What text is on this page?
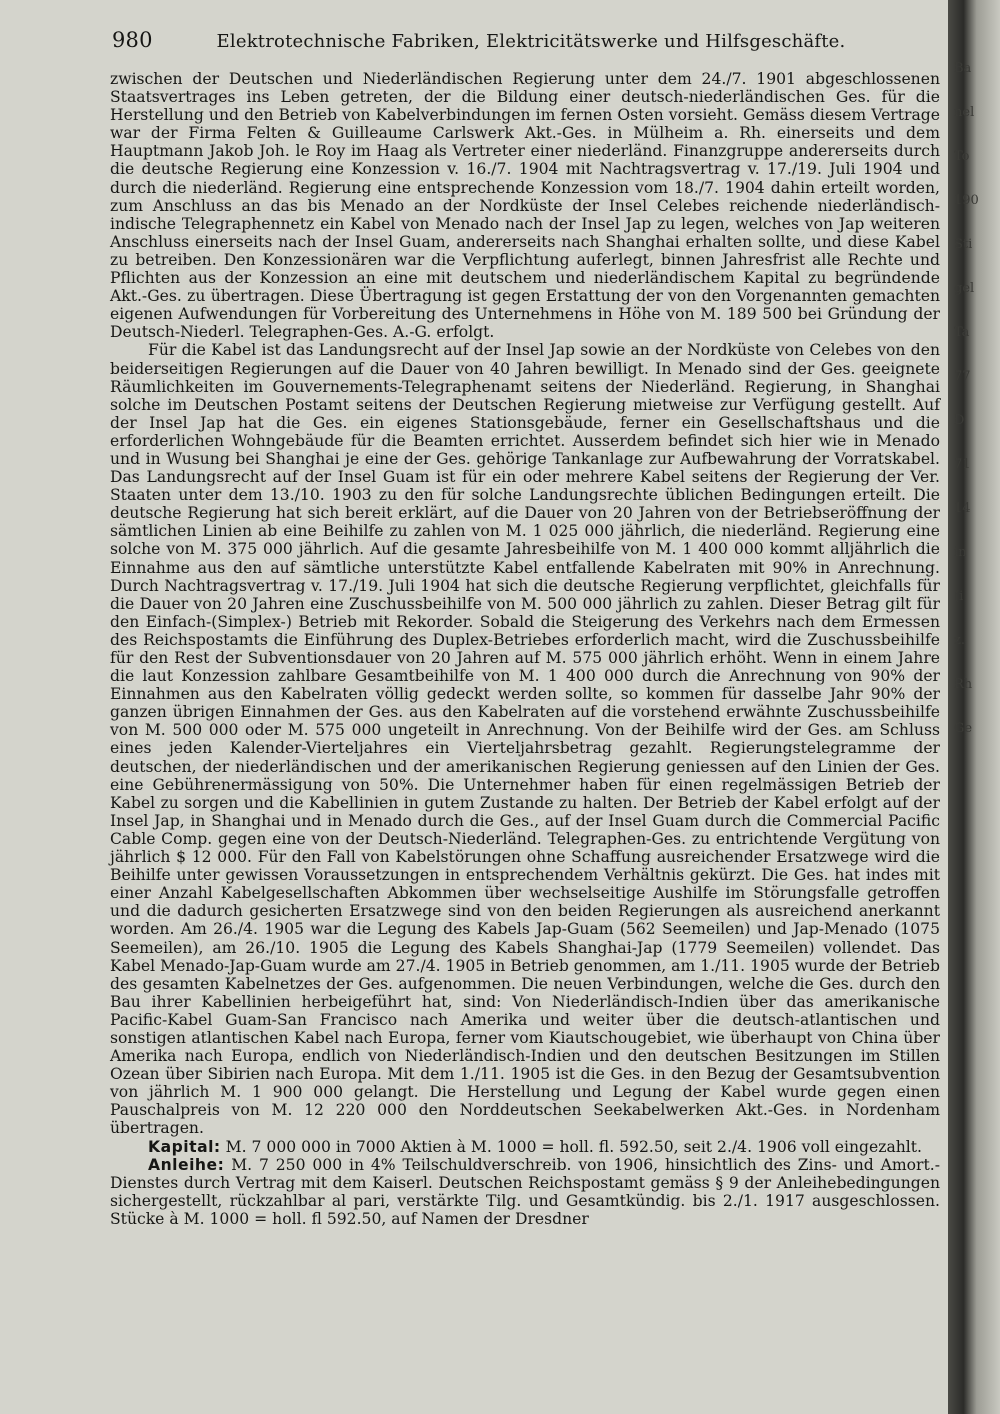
Ba
nel
To
190
Sti
gel
Ta
77
D
71
14
in
(i
z.
Rh
Ge
980	Elektrotechnische Fabriken, Elektricitätswerke und Hilfsgeschäfte.

zwischen der Deutschen und Niederländischen Regierung unter dem 24./7. 1901 abgeschlossenen Staatsvertrages ins Leben getreten, der die Bildung einer deutsch-niederländischen Ges. für die Herstellung und den Betrieb von Kabelverbindungen im fernen Osten vorsieht. Gemäss diesem Vertrage war der Firma Felten & Guilleaume Carlswerk Akt.-Ges. in Mülheim a. Rh. einerseits und dem Hauptmann Jakob Joh. le Roy im Haag als Vertreter einer niederländ. Finanzgruppe andererseits durch die deutsche Regierung eine Konzession v. 16./7. 1904 mit Nachtragsvertrag v. 17./19. Juli 1904 und durch die niederländ. Regierung eine entsprechende Konzession vom 18./7. 1904 dahin erteilt worden, zum Anschluss an das bis Menado an der Nordküste der Insel Celebes reichende niederländisch-indische Telegraphennetz ein Kabel von Menado nach der Insel Jap zu legen, welches von Jap weiteren Anschluss einerseits nach der Insel Guam, andererseits nach Shanghai erhalten sollte, und diese Kabel zu betreiben. Den Konzessionären war die Verpflichtung auferlegt, binnen Jahresfrist alle Rechte und Pflichten aus der Konzession an eine mit deutschem und niederländischem Kapital zu begründende Akt.-Ges. zu übertragen. Diese Übertragung ist gegen Erstattung der von den Vorgenannten gemachten eigenen Aufwendungen für Vorbereitung des Unternehmens in Höhe von M. 189 500 bei Gründung der Deutsch-Niederl. Telegraphen-Ges. A.-G. erfolgt.

Für die Kabel ist das Landungsrecht auf der Insel Jap sowie an der Nordküste von Celebes von den beiderseitigen Regierungen auf die Dauer von 40 Jahren bewilligt. In Menado sind der Ges. geeignete Räumlichkeiten im Gouvernements-Telegraphenamt seitens der Niederländ. Regierung, in Shanghai solche im Deutschen Postamt seitens der Deutschen Regierung mietweise zur Verfügung gestellt. Auf der Insel Jap hat die Ges. ein eigenes Stationsgebäude, ferner ein Gesellschaftshaus und die erforderlichen Wohngebäude für die Beamten errichtet. Ausserdem befindet sich hier wie in Menado und in Wusung bei Shanghai je eine der Ges. gehörige Tankanlage zur Aufbewahrung der Vorratskabel. Das Landungsrecht auf der Insel Guam ist für ein oder mehrere Kabel seitens der Regierung der Ver. Staaten unter dem 13./10. 1903 zu den für solche Landungsrechte üblichen Bedingungen erteilt. Die deutsche Regierung hat sich bereit erklärt, auf die Dauer von 20 Jahren von der Betriebseröffnung der sämtlichen Linien ab eine Beihilfe zu zahlen von M. 1 025 000 jährlich, die niederländ. Regierung eine solche von M. 375 000 jährlich. Auf die gesamte Jahresbeihilfe von M. 1 400 000 kommt alljährlich die Einnahme aus den auf sämtliche unterstützte Kabel entfallende Kabelraten mit 90% in Anrechnung. Durch Nachtragsvertrag v. 17./19. Juli 1904 hat sich die deutsche Regierung verpflichtet, gleichfalls für die Dauer von 20 Jahren eine Zuschussbeihilfe von M. 500 000 jährlich zu zahlen. Dieser Betrag gilt für den Einfach-(Simplex-) Betrieb mit Rekorder. Sobald die Steigerung des Verkehrs nach dem Ermessen des Reichspostamts die Einführung des Duplex-Betriebes erforderlich macht, wird die Zuschussbeihilfe für den Rest der Subventionsdauer von 20 Jahren auf M. 575 000 jährlich erhöht. Wenn in einem Jahre die laut Konzession zahlbare Gesamtbeihilfe von M. 1 400 000 durch die Anrechnung von 90% der Einnahmen aus den Kabelraten völlig gedeckt werden sollte, so kommen für dasselbe Jahr 90% der ganzen übrigen Einnahmen der Ges. aus den Kabelraten auf die vorstehend erwähnte Zuschussbeihilfe von M. 500 000 oder M. 575 000 ungeteilt in Anrechnung. Von der Beihilfe wird der Ges. am Schluss eines jeden Kalender-Vierteljahres ein Vierteljahrsbetrag gezahlt. Regierungstelegramme der deutschen, der niederländischen und der amerikanischen Regierung geniessen auf den Linien der Ges. eine Gebührenermässigung von 50%. Die Unternehmer haben für einen regelmässigen Betrieb der Kabel zu sorgen und die Kabellinien in gutem Zustande zu halten. Der Betrieb der Kabel erfolgt auf der Insel Jap, in Shanghai und in Menado durch die Ges., auf der Insel Guam durch die Commercial Pacific Cable Comp. gegen eine von der Deutsch-Niederländ. Telegraphen-Ges. zu entrichtende Vergütung von jährlich $ 12 000. Für den Fall von Kabelstörungen ohne Schaffung ausreichender Ersatzwege wird die Beihilfe unter gewissen Voraussetzungen in entsprechendem Verhältnis gekürzt. Die Ges. hat indes mit einer Anzahl Kabelgesellschaften Abkommen über wechselseitige Aushilfe im Störungsfalle getroffen und die dadurch gesicherten Ersatzwege sind von den beiden Regierungen als ausreichend anerkannt worden. Am 26./4. 1905 war die Legung des Kabels Jap-Guam (562 Seemeilen) und Jap-Menado (1075 Seemeilen), am 26./10. 1905 die Legung des Kabels Shanghai-Jap (1779 Seemeilen) vollendet. Das Kabel Menado-Jap-Guam wurde am 27./4. 1905 in Betrieb genommen, am 1./11. 1905 wurde der Betrieb des gesamten Kabelnetzes der Ges. aufgenommen. Die neuen Verbindungen, welche die Ges. durch den Bau ihrer Kabellinien herbeigeführt hat, sind: Von Niederländisch-Indien über das amerikanische Pacific-Kabel Guam-San Francisco nach Amerika und weiter über die deutsch-atlantischen und sonstigen atlantischen Kabel nach Europa, ferner vom Kiautschougebiet, wie überhaupt von China über Amerika nach Europa, endlich von Niederländisch-Indien und den deutschen Besitzungen im Stillen Ozean über Sibirien nach Europa. Mit dem 1./11. 1905 ist die Ges. in den Bezug der Gesamtsubvention von jährlich M. 1 900 000 gelangt. Die Herstellung und Legung der Kabel wurde gegen einen Pauschalpreis von M. 12 220 000 den Norddeutschen Seekabelwerken Akt.-Ges. in Nordenham übertragen.

Kapital: M. 7 000 000 in 7000 Aktien à M. 1000 = holl. fl. 592.50, seit 2./4. 1906 voll eingezahlt.

Anleihe: M. 7 250 000 in 4% Teilschuldverschreib. von 1906, hinsichtlich des Zins- und Amort.-Dienstes durch Vertrag mit dem Kaiserl. Deutschen Reichspostamt gemäss § 9 der Anleihebedingungen sichergestellt, rückzahlbar al pari, verstärkte Tilg. und Gesamtkündig. bis 2./1. 1917 ausgeschlossen. Stücke à M. 1000 = holl. fl 592.50, auf Namen der Dresdner
